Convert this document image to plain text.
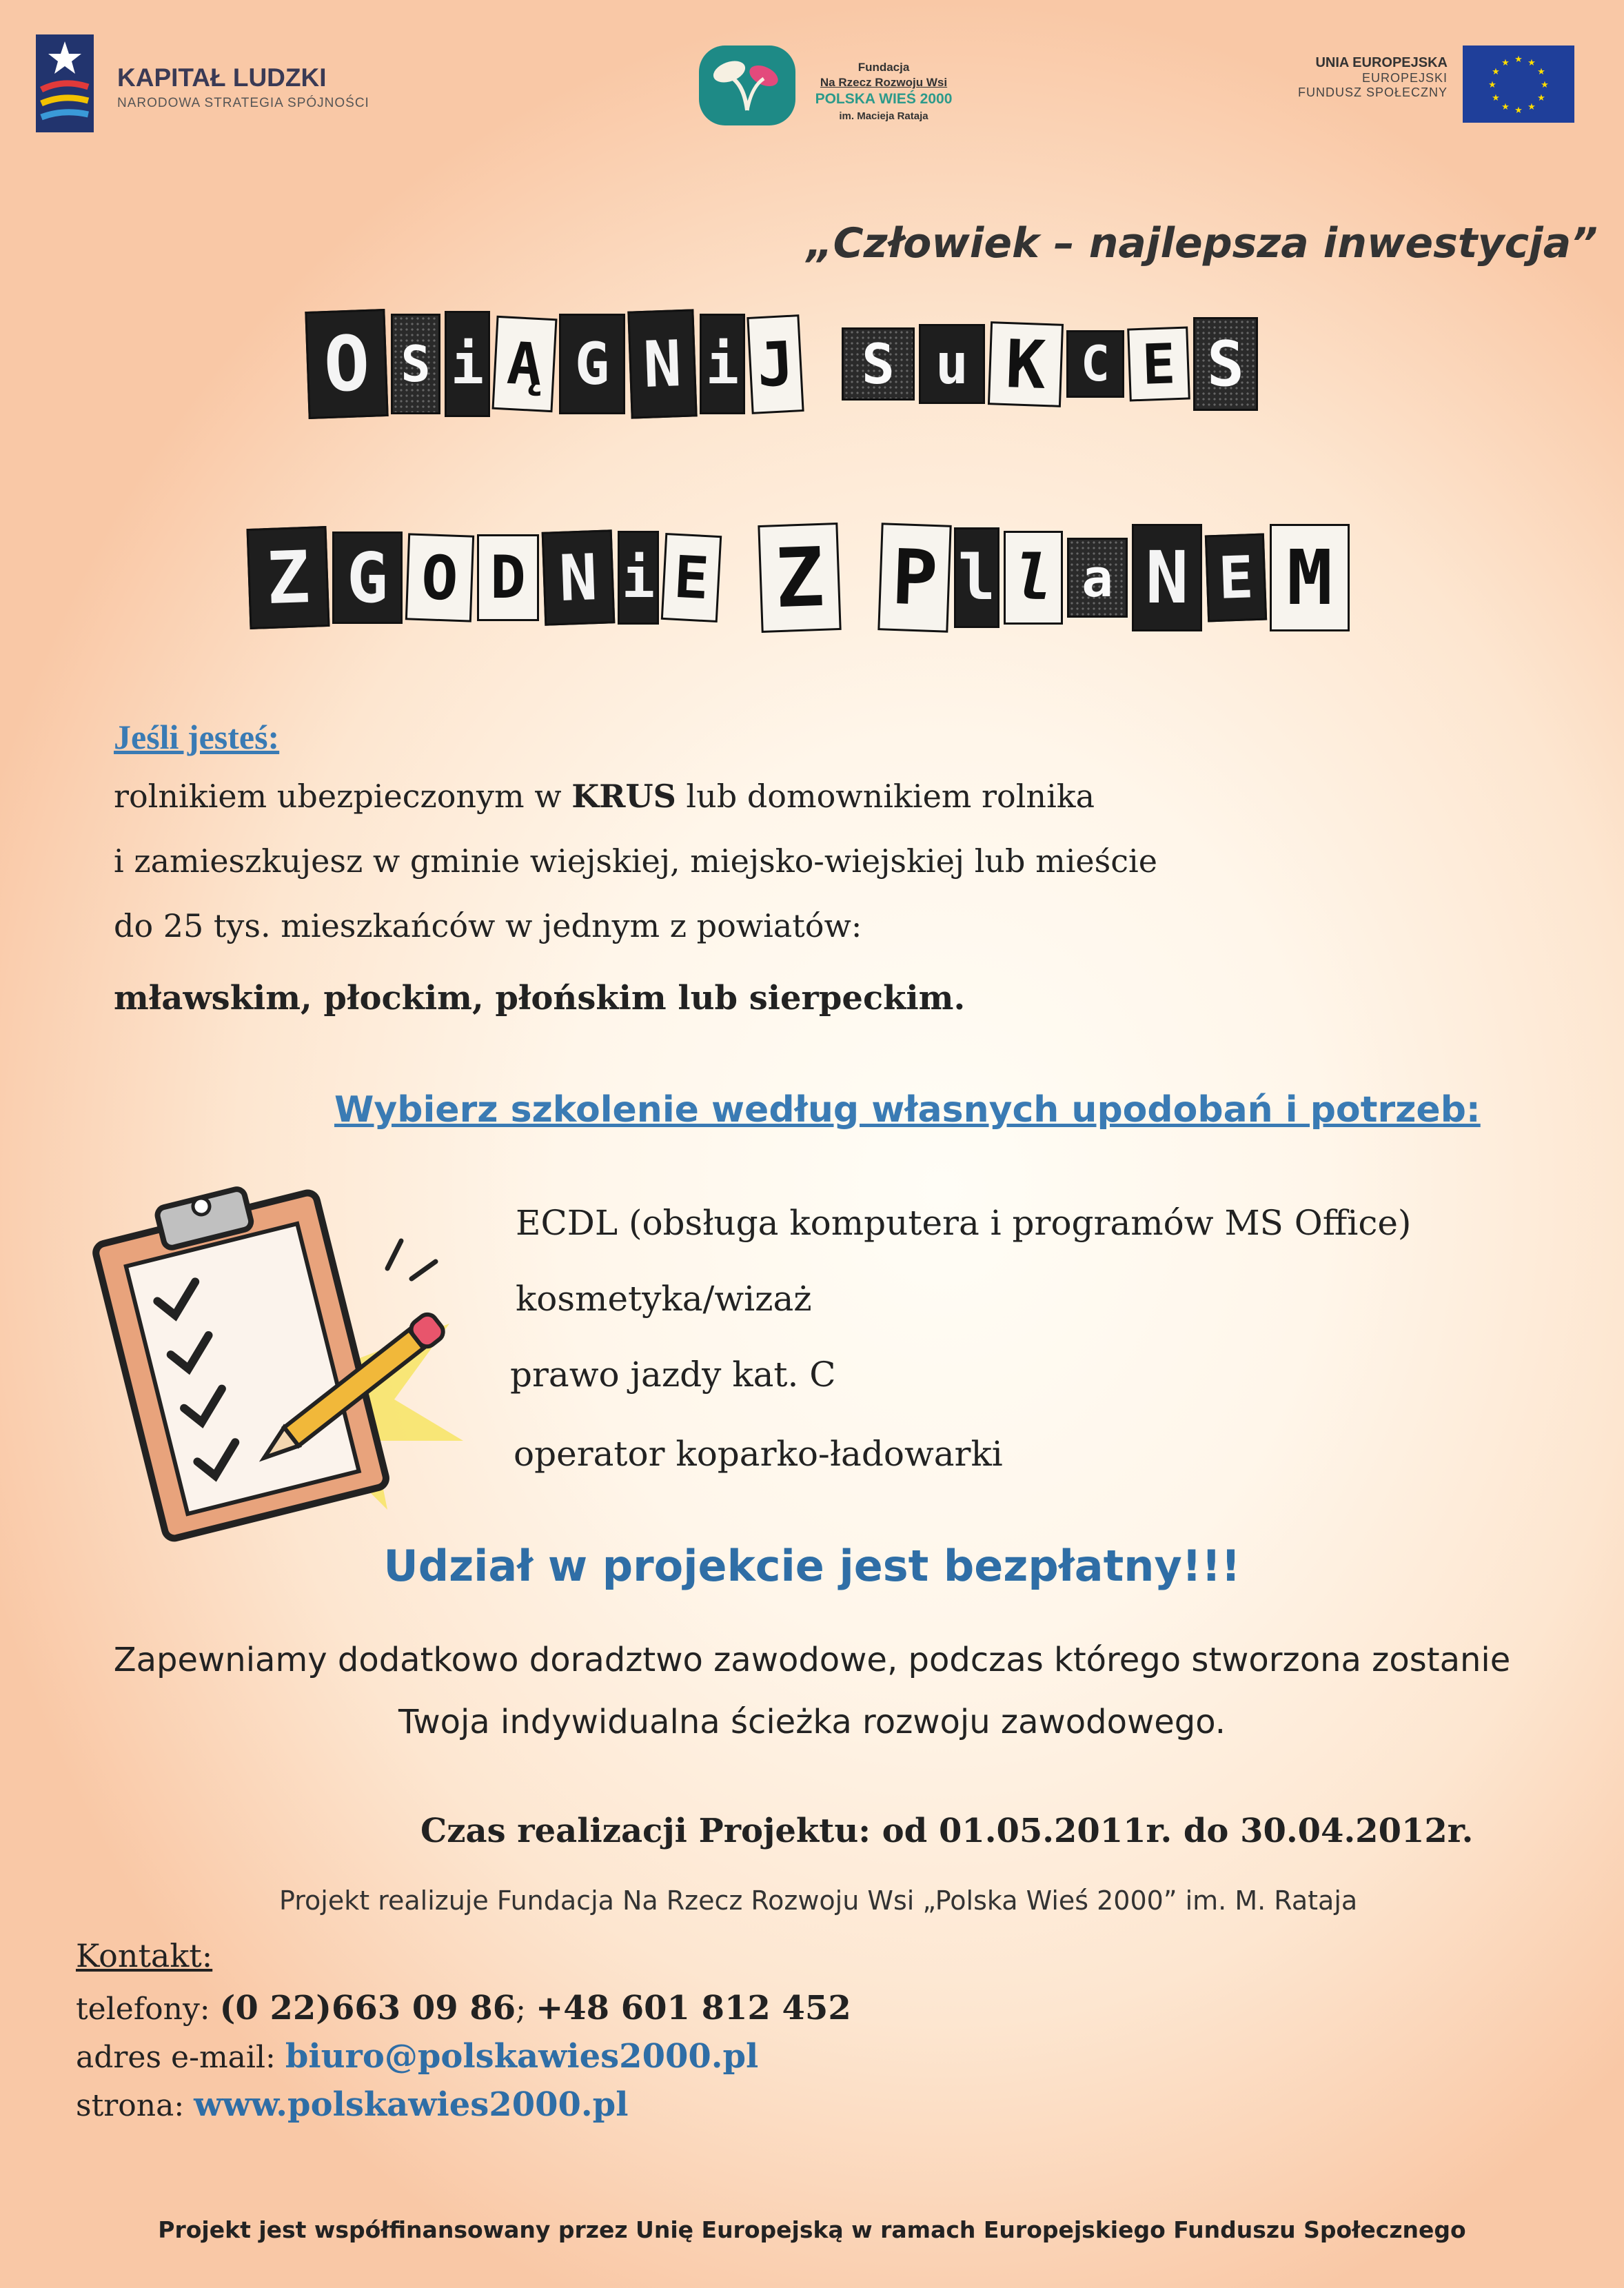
KAPITAŁ LUDZKI
NARODOWA STRATEGIA SPÓJNOŚCI
Fundacja
Na Rzecz Rozwoju Wsi
POLSKA WIEŚ 2000
im. Macieja Rataja
UNIA EUROPEJSKA
EUROPEJSKI
FUNDUSZ SPOŁECZNY
★ ★
★
★
★
★
★
★
★
★
★
★
„Człowiek – najlepsza inwestycja”
O S i Ą G N i J	S u K C E S
Z G O D N i E Z P l l a N E M
Jeśli jesteś:
rolnikiem ubezpieczonym w KRUS lub domownikiem rolnika
i zamieszkujesz w gminie wiejskiej, miejsko-wiejskiej lub mieście
do 25 tys. mieszkańców w jednym z powiatów:
mławskim, płockim, płońskim lub sierpeckim.
Wybierz szkolenie według własnych upodobań i potrzeb:
ECDL (obsługa komputera i programów MS Office)
kosmetyka/wizaż
prawo jazdy kat. C
operator koparko-ładowarki
Udział w projekcie jest bezpłatny!!!
Zapewniamy dodatkowo doradztwo zawodowe, podczas którego stworzona zostanie
Twoja indywidualna ścieżka rozwoju zawodowego.
Czas realizacji Projektu: od 01.05.2011r. do 30.04.2012r.
Projekt realizuje Fundacja Na Rzecz Rozwoju Wsi „Polska Wieś 2000” im. M. Rataja
Kontakt:
telefony: (0 22)663 09 86; +48 601 812 452
adres e-mail: biuro@polskawies2000.pl
strona: www.polskawies2000.pl
Projekt jest współfinansowany przez Unię Europejską w ramach Europejskiego Funduszu Społecznego
